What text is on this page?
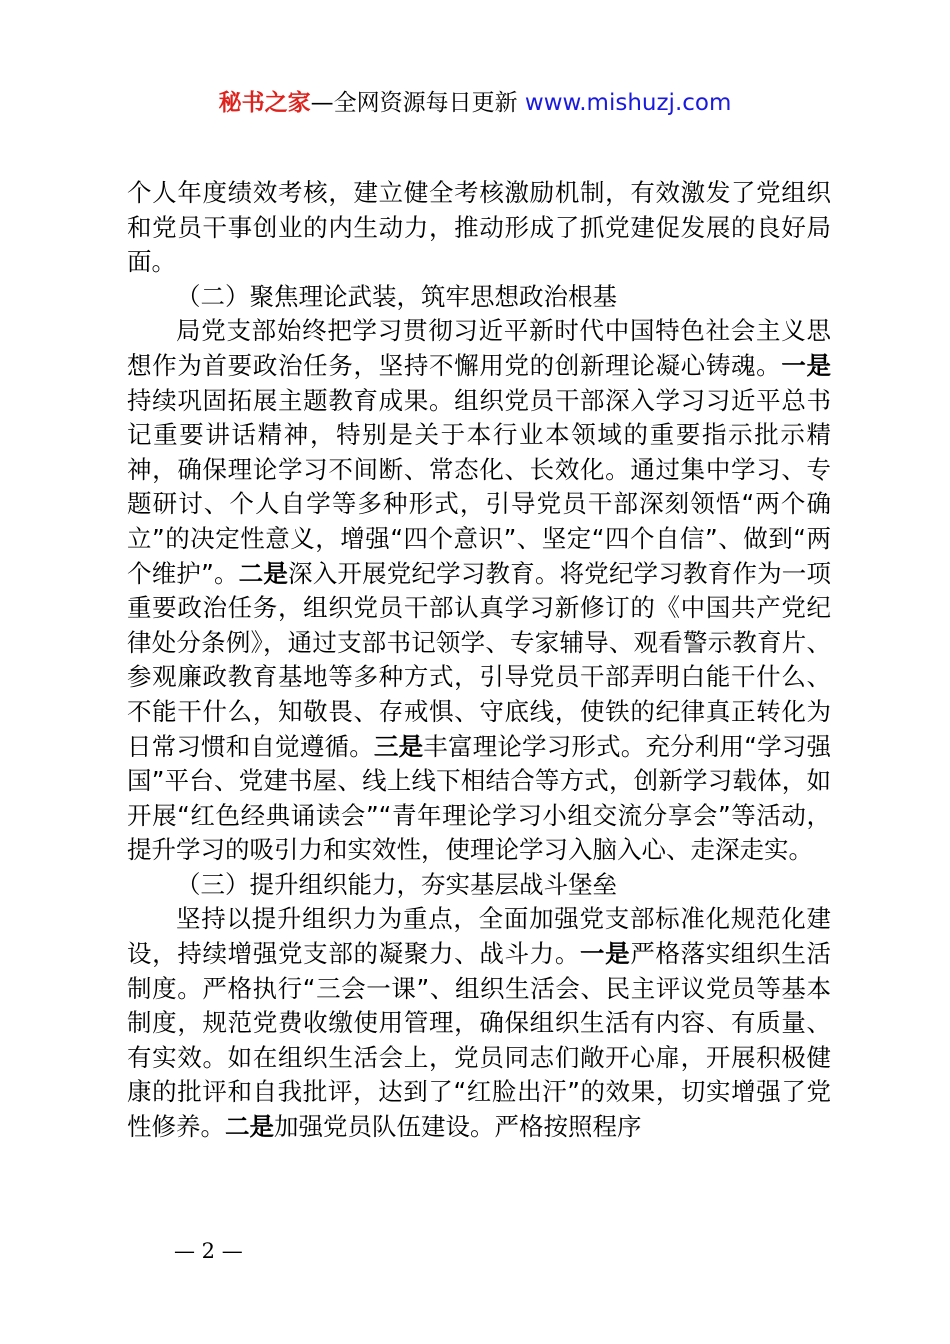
秘书之家—全网资源每日更新 www.mishuzj.com

个人年度绩效考核，建立健全考核激励机制，有效激发了党组织和党员干事创业的内生动力，推动形成了抓党建促发展的良好局面。

（二）聚焦理论武装，筑牢思想政治根基

局党支部始终把学习贯彻习近平新时代中国特色社会主义思想作为首要政治任务，坚持不懈用党的创新理论凝心铸魂。一是持续巩固拓展主题教育成果。组织党员干部深入学习习近平总书记重要讲话精神，特别是关于本行业本领域的重要指示批示精神，确保理论学习不间断、常态化、长效化。通过集中学习、专题研讨、个人自学等多种形式，引导党员干部深刻领悟“两个确立”的决定性意义，增强“四个意识”、坚定“四个自信”、做到“两个维护”。二是深入开展党纪学习教育。将党纪学习教育作为一项重要政治任务，组织党员干部认真学习新修订的《中国共产党纪律处分条例》，通过支部书记领学、专家辅导、观看警示教育片、参观廉政教育基地等多种方式，引导党员干部弄明白能干什么、不能干什么，知敬畏、存戒惧、守底线，使铁的纪律真正转化为日常习惯和自觉遵循。三是丰富理论学习形式。充分利用“学习强国”平台、党建书屋、线上线下相结合等方式，创新学习载体，如开展“红色经典诵读会”“青年理论学习小组交流分享会”等活动，提升学习的吸引力和实效性，使理论学习入脑入心、走深走实。

（三）提升组织能力，夯实基层战斗堡垒

坚持以提升组织力为重点，全面加强党支部标准化规范化建设，持续增强党支部的凝聚力、战斗力。一是严格落实组织生活制度。严格执行“三会一课”、组织生活会、民主评议党员等基本制度，规范党费收缴使用管理，确保组织生活有内容、有质量、有实效。如在组织生活会上，党员同志们敞开心扉，开展积极健康的批评和自我批评，达到了“红脸出汗”的效果，切实增强了党性修养。二是加强党员队伍建设。严格按照程序

— 2 —
